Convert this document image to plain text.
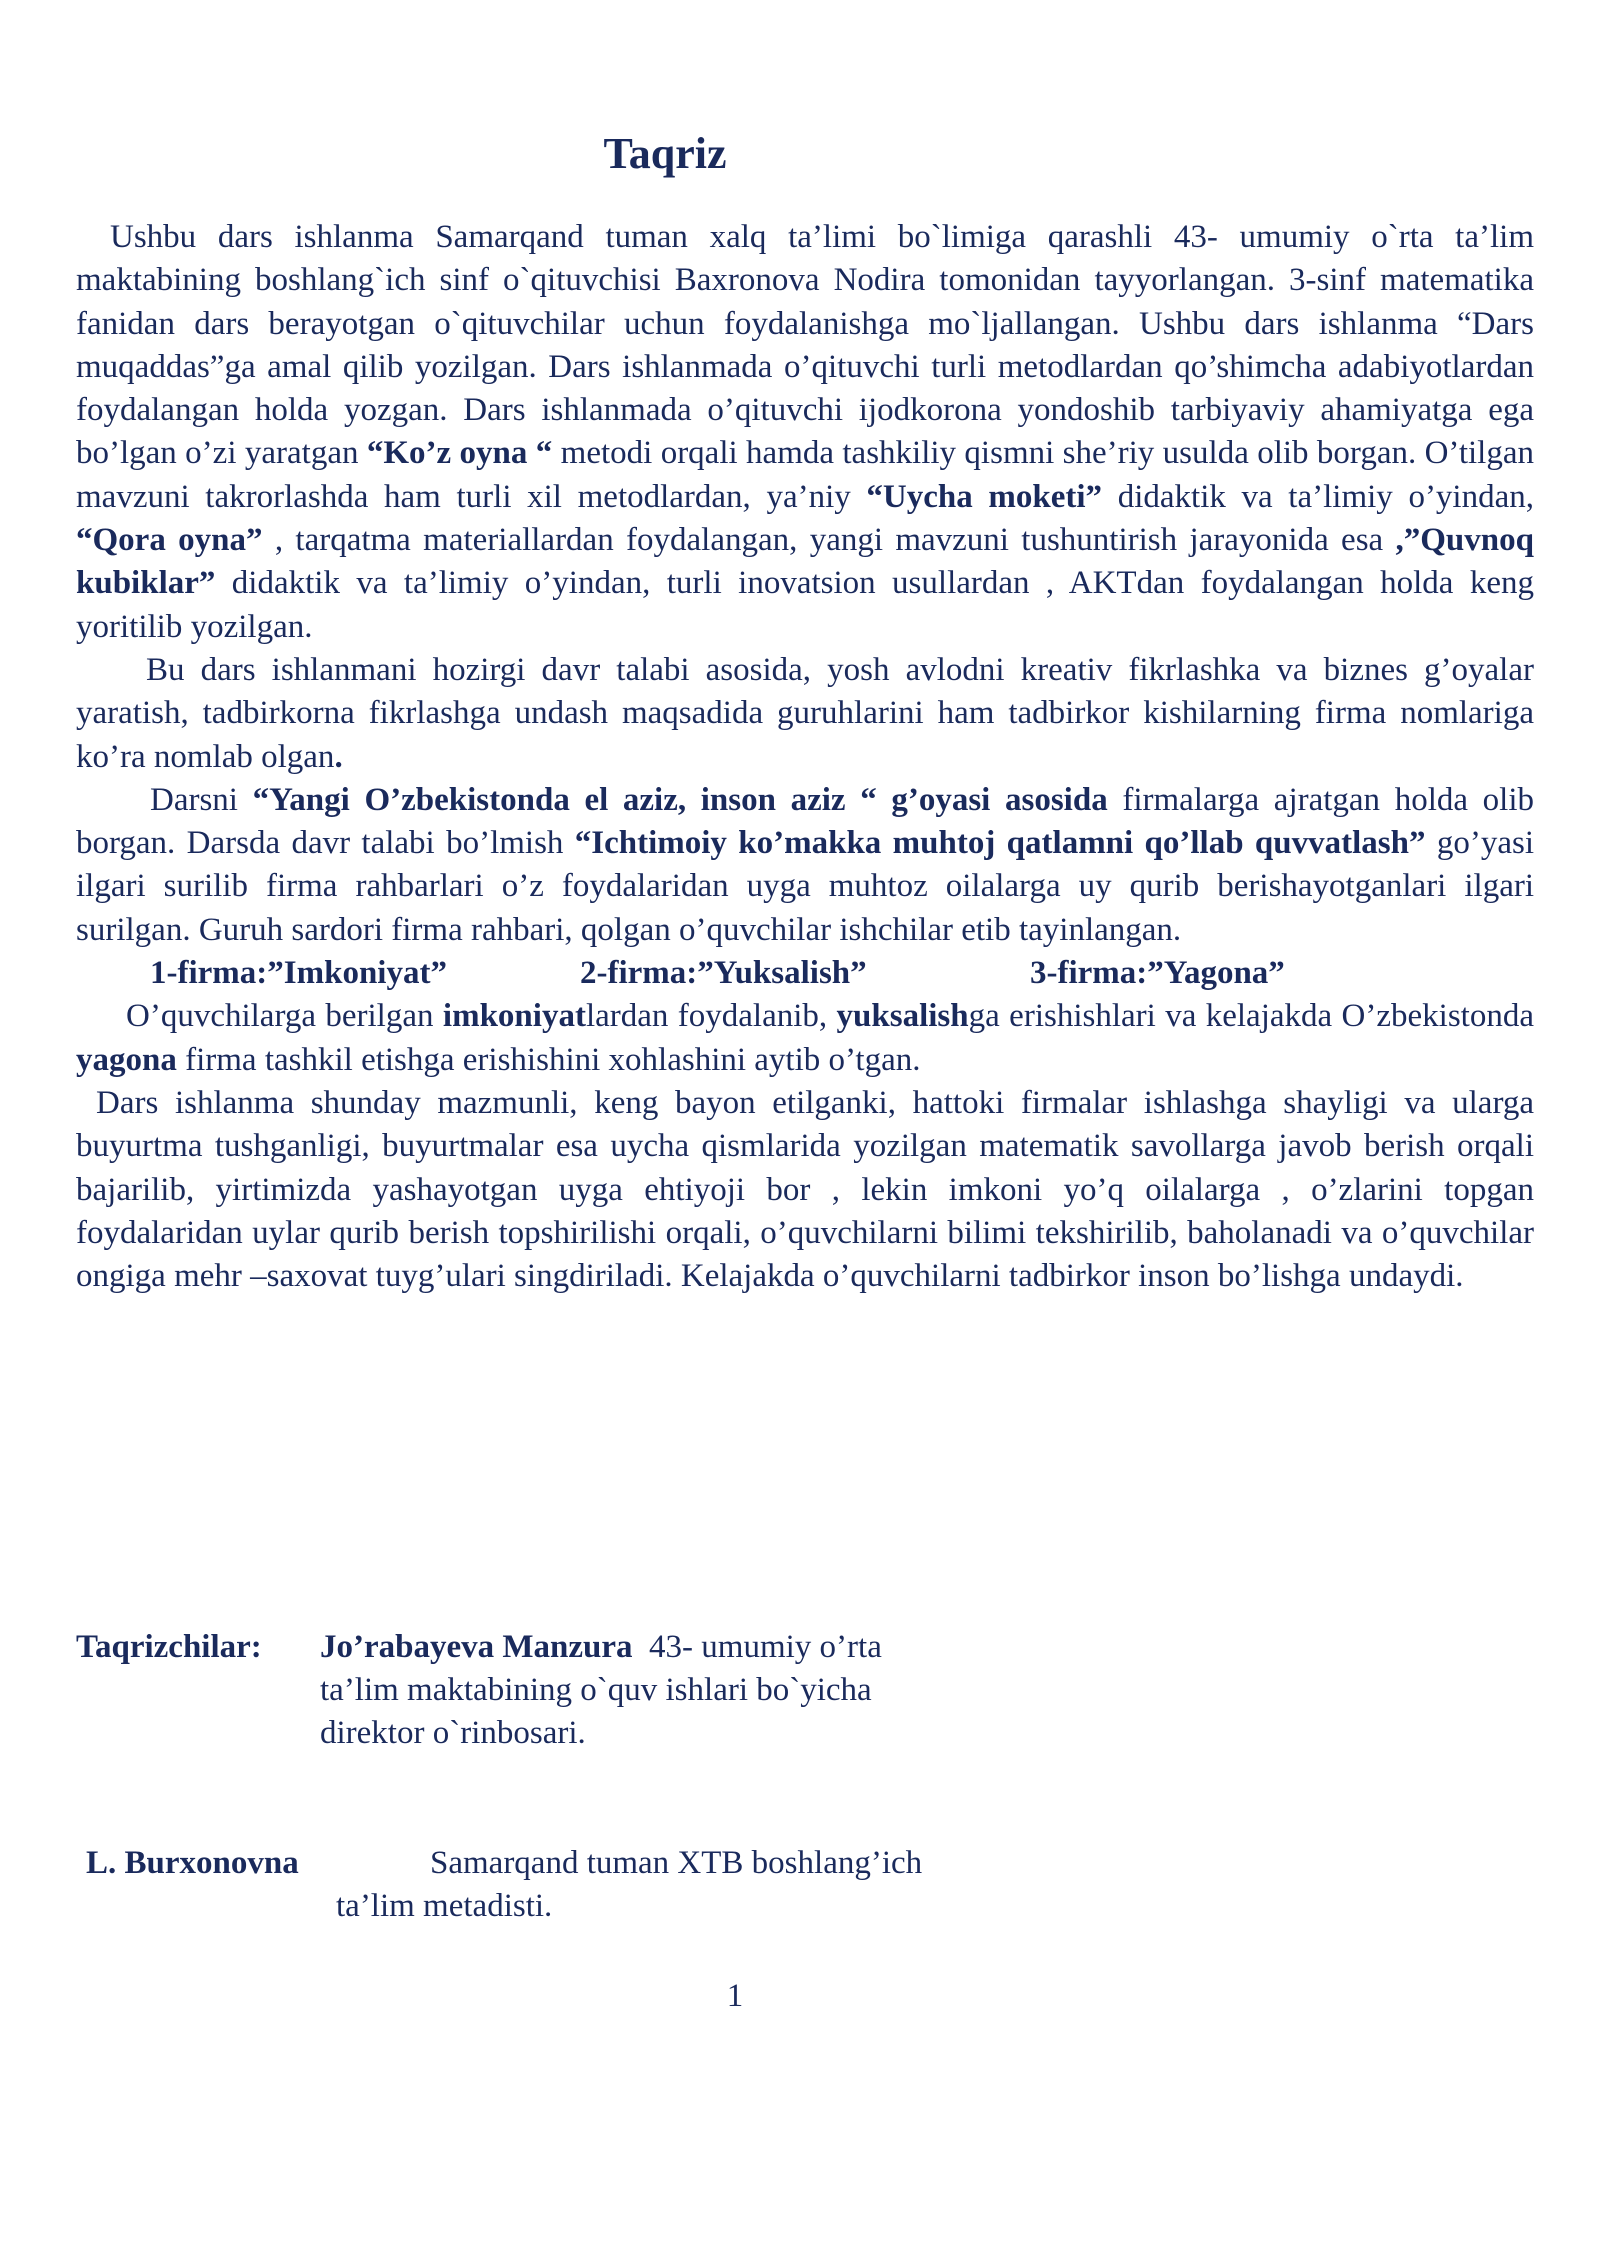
Taqriz

Ushbu dars ishlanma Samarqand tuman xalq ta’limi bo`limiga qarashli 43- umumiy o`rta ta’lim maktabining boshlang`ich sinf o`qituvchisi Baxronova Nodira tomonidan tayyorlangan. 3-sinf matematika fanidan dars berayotgan o`qituvchilar uchun foydalanishga mo`ljallangan. Ushbu dars ishlanma “Dars muqaddas”ga amal qilib yozilgan. Dars ishlanmada o’qituvchi turli metodlardan qo’shimcha adabiyotlardan foydalangan holda yozgan. Dars ishlanmada o’qituvchi ijodkorona yondoshib tarbiyaviy ahamiyatga ega bo’lgan o’zi yaratgan “Ko’z oyna “ metodi orqali hamda tashkiliy qismni she’riy usulda olib borgan. O’tilgan mavzuni takrorlashda ham turli xil metodlardan, ya’niy “Uycha moketi” didaktik va ta’limiy o’yindan, “Qora oyna” , tarqatma materiallardan foydalangan, yangi mavzuni tushuntirish jarayonida esa ,”Quvnoq kubiklar” didaktik va ta’limiy o’yindan, turli inovatsion usullardan , AKTdan foydalangan holda keng yoritilib yozilgan.

Bu dars ishlanmani hozirgi davr talabi asosida, yosh avlodni kreativ fikrlashka va biznes g’oyalar yaratish, tadbirkorna fikrlashga undash maqsadida guruhlarini ham tadbirkor kishilarning firma nomlariga ko’ra nomlab olgan.

Darsni “Yangi O’zbekistonda el aziz, inson aziz “ g’oyasi asosida firmalarga ajratgan holda olib borgan. Darsda davr talabi bo’lmish “Ichtimoiy ko’makka muhtoj qatlamni qo’llab quvvatlash” go’yasi ilgari surilib firma rahbarlari o’z foydalaridan uyga muhtoz oilalarga uy qurib berishayotganlari ilgari surilgan. Guruh sardori firma rahbari, qolgan o’quvchilar ishchilar etib tayinlangan.

1-firma:”Imkoniyat”	2-firma:”Yuksalish”	3-firma:”Yagona”

O’quvchilarga berilgan imkoniyatlardan foydalanib, yuksalishga erishishlari va kelajakda O’zbekistonda yagona firma tashkil etishga erishishini xohlashini aytib o’tgan.

Dars ishlanma shunday mazmunli, keng bayon etilganki, hattoki firmalar ishlashga shayligi va ularga buyurtma tushganligi, buyurtmalar esa uycha qismlarida yozilgan matematik savollarga javob berish orqali bajarilib, yirtimizda yashayotgan uyga ehtiyoji bor , lekin imkoni yo’q oilalarga , o’zlarini topgan foydalaridan uylar qurib berish topshirilishi orqali, o’quvchilarni bilimi tekshirilib, baholanadi va o’quvchilar ongiga mehr –saxovat tuyg’ulari singdiriladi. Kelajakda o’quvchilarni tadbirkor inson bo’lishga undaydi.

Taqrizchilar: Jo’rabayeva Manzura 43- umumiy o’rta
ta’lim maktabining o`quv ishlari bo`yicha
direktor o`rinbosari.
L. Burxonovna	Samarqand tuman XTB boshlang’ich
ta’lim metadisti.
1
